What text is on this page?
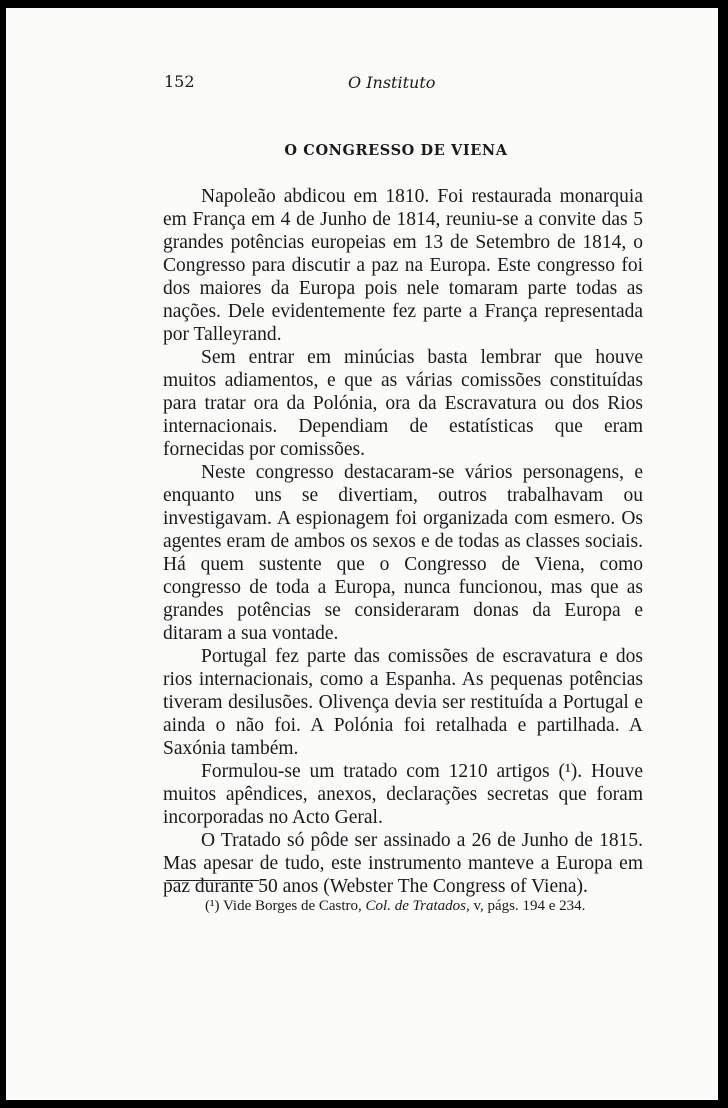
152	O Instituto
O CONGRESSO DE VIENA

Napoleão abdicou em 1810. Foi restaurada monarquia em França em 4 de Junho de 1814, reuniu-se a convite das 5 grandes potências europeias em 13 de Setembro de 1814, o Congresso para discutir a paz na Europa. Este congresso foi dos maiores da Europa pois nele tomaram parte todas as nações. Dele evidentemente fez parte a França representada por Talleyrand.

Sem entrar em minúcias basta lembrar que houve muitos adiamentos, e que as várias comissões constituídas para tratar ora da Polónia, ora da Escravatura ou dos Rios internacionais. Dependiam de estatísticas que eram fornecidas por comissões.

Neste congresso destacaram-se vários personagens, e enquanto uns se divertiam, outros trabalhavam ou investigavam. A espionagem foi organizada com esmero. Os agentes eram de ambos os sexos e de todas as classes sociais. Há quem sustente que o Congresso de Viena, como congresso de toda a Europa, nunca funcionou, mas que as grandes potências se consideraram donas da Europa e ditaram a sua vontade.

Portugal fez parte das comissões de escravatura e dos rios internacionais, como a Espanha. As pequenas potências tiveram desilusões. Olivença devia ser restituída a Portugal e ainda o não foi. A Polónia foi retalhada e partilhada. A Saxónia também.

Formulou-se um tratado com 1210 artigos (¹). Houve muitos apêndices, anexos, declarações secretas que foram incorporadas no Acto Geral.

O Tratado só pôde ser assinado a 26 de Junho de 1815. Mas apesar de tudo, este instrumento manteve a Europa em paz durante 50 anos (Webster The Congress of Viena).

(¹) Vide Borges de Castro, Col. de Tratados, v, págs. 194 e 234.
